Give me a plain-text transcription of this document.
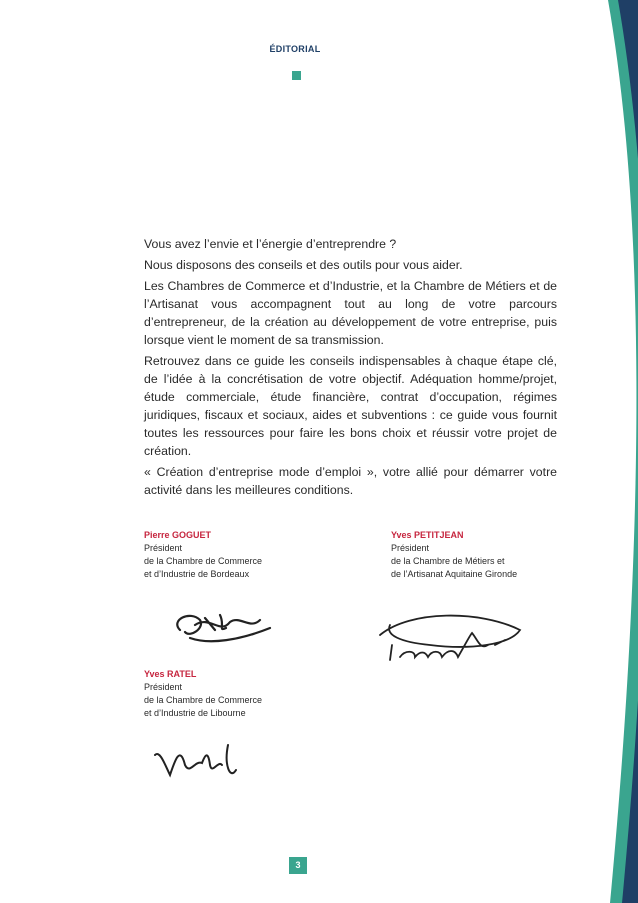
ÉDITORIAL

Vous avez l’envie et l’énergie d’entreprendre ?

Nous disposons des conseils et des outils pour vous aider.

Les Chambres de Commerce et d’Industrie, et la Chambre de Métiers et de l’Artisanat vous accompagnent tout au long de votre parcours d’entrepreneur, de la création au développement de votre entreprise, puis lorsque vient le moment de sa transmission.

Retrouvez dans ce guide les conseils indispensables à chaque étape clé, de l’idée à la concrétisation de votre objectif. Adéquation homme/projet, étude commerciale, étude financière, contrat d’occupation, régimes juridiques, fiscaux et sociaux, aides et subventions : ce guide vous fournit toutes les ressources pour faire les bons choix et réussir votre projet de création.

« Création d’entreprise mode d’emploi », votre allié pour démarrer votre activité dans les meilleures conditions.

Pierre GOGUET
Président
de la Chambre de Commerce
et d’Industrie de Bordeaux
Yves PETITJEAN
Président
de la Chambre de Métiers et
de l’Artisanat Aquitaine Gironde
Yves RATEL
Président
de la Chambre de Commerce
et d’Industrie de Libourne
3
